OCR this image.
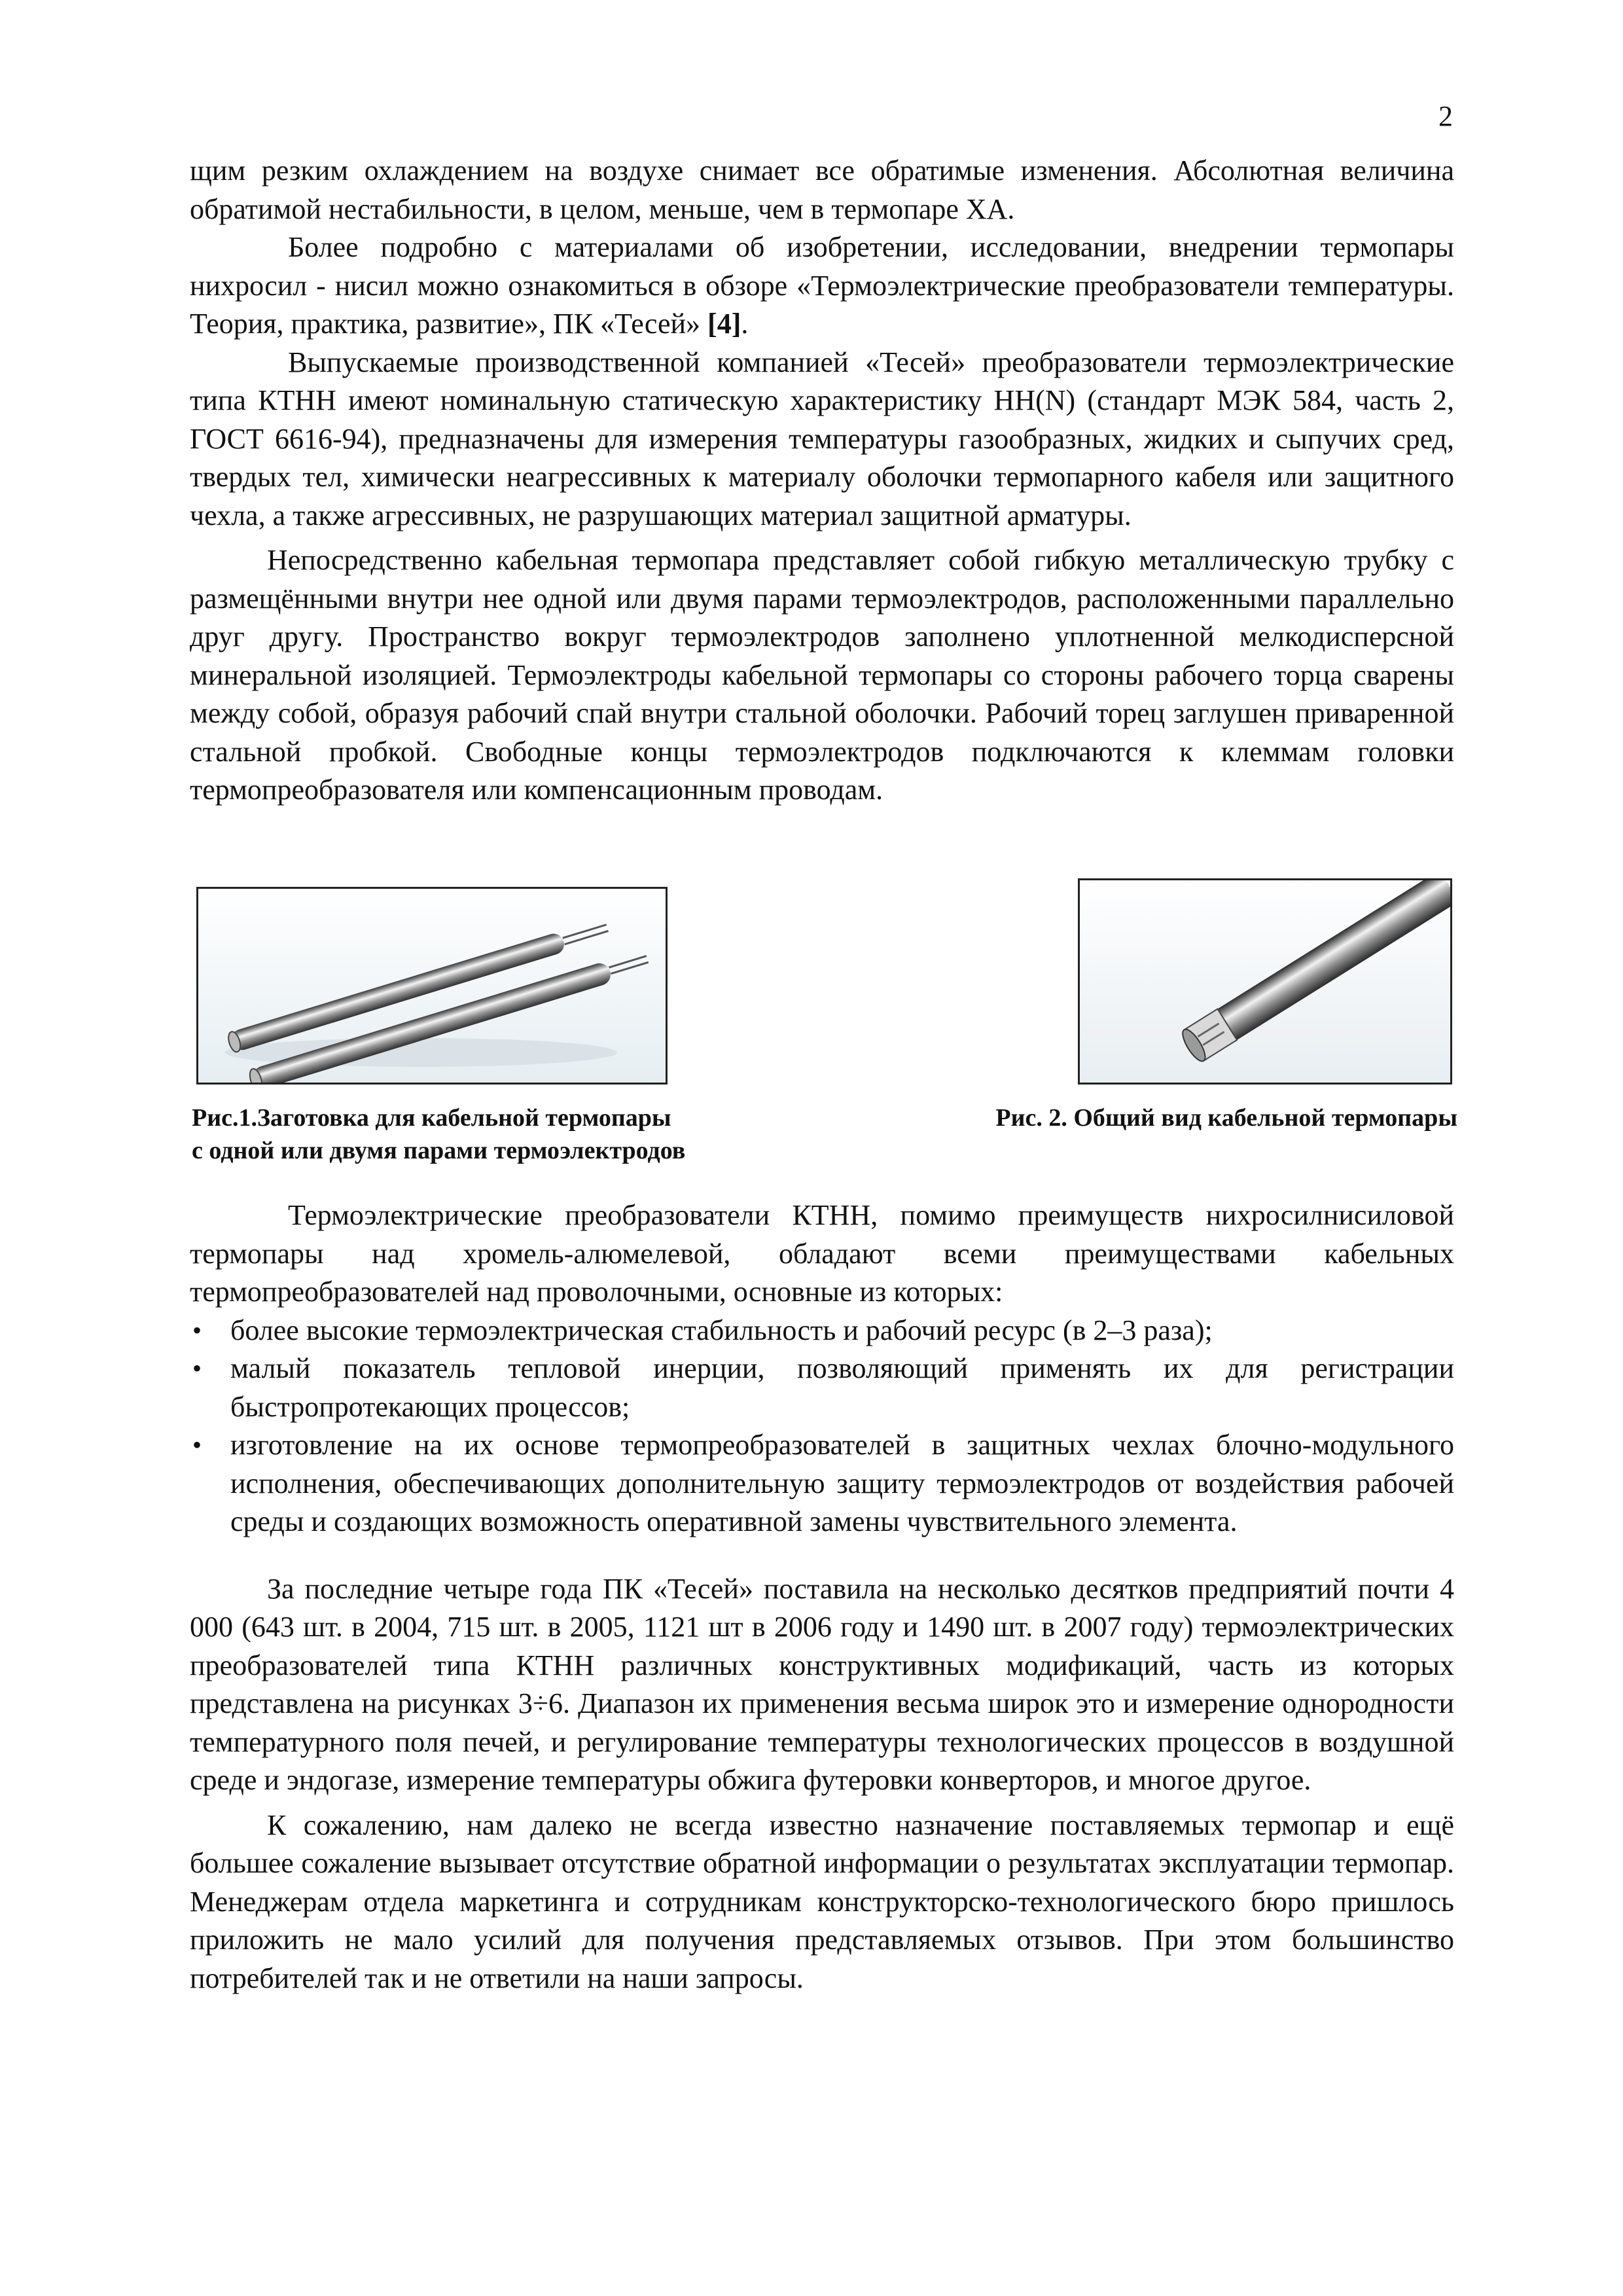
2

щим резким охлаждением на воздухе снимает все обратимые изменения. Абсолютная величина обратимой нестабильности, в целом, меньше, чем в термопаре ХА.

Более подробно с материалами об изобретении, исследовании, внедрении термопары нихросил - нисил можно ознакомиться в обзоре «Термоэлектрические преобразователи температуры. Теория, практика, развитие», ПК «Тесей» [4].

Выпускаемые производственной компанией «Тесей» преобразователи термоэлектрические типа КТНН имеют номинальную статическую характеристику НН(N) (стандарт МЭК 584, часть 2, ГОСТ 6616-94), предназначены для измерения температуры газообразных, жидких и сыпучих сред, твердых тел, химически неагрессивных к материалу оболочки термопарного кабеля или защитного чехла, а также агрессивных, не разрушающих материал защитной арматуры.

Непосредственно кабельная термопара представляет собой гибкую металлическую трубку с размещёнными внутри нее одной или двумя парами термоэлектродов, расположенными параллельно друг другу. Пространство вокруг термоэлектродов заполнено уплотненной мелкодисперсной минеральной изоляцией. Термоэлектроды кабельной термопары со стороны рабочего торца сварены между собой, образуя рабочий спай внутри стальной оболочки. Рабочий торец заглушен приваренной стальной пробкой. Свободные концы термоэлектродов подключаются к клеммам головки термопреобразователя или компенсационным проводам.

Рис.1.Заготовка для кабельной термопары
с одной или двумя парами термоэлектродов
Рис. 2. Общий вид кабельной термопары

Термоэлектрические преобразователи КТНН, помимо преимуществ нихросилнисиловой термопары над хромель-алюмелевой, обладают всеми преимуществами кабельных термопреобразователей над проволочными, основные из которых:

• более высокие термоэлектрическая стабильность и рабочий ресурс (в 2–3 раза);
• малый показатель тепловой инерции, позволяющий применять их для регистрации быстропротекающих процессов;
• изготовление на их основе термопреобразователей в защитных чехлах блочно-модульного исполнения, обеспечивающих дополнительную защиту термоэлектродов от воздействия рабочей среды и создающих возможность оперативной замены чувствительного элемента.

За последние четыре года ПК «Тесей» поставила на несколько десятков предприятий почти 4 000 (643 шт. в 2004, 715 шт. в 2005, 1121 шт в 2006 году и 1490 шт. в 2007 году) термоэлектрических преобразователей типа КТНН различных конструктивных модификаций, часть из которых представлена на рисунках 3÷6. Диапазон их применения весьма широк это и измерение однородности температурного поля печей, и регулирование температуры технологических процессов в воздушной среде и эндогазе, измерение температуры обжига футеровки конверторов, и многое другое.

К сожалению, нам далеко не всегда известно назначение поставляемых термопар и ещё большее сожаление вызывает отсутствие обратной информации о результатах эксплуатации термопар. Менеджерам отдела маркетинга и сотрудникам конструкторско-технологического бюро пришлось приложить не мало усилий для получения представляемых отзывов. При этом большинство потребителей так и не ответили на наши запросы.
